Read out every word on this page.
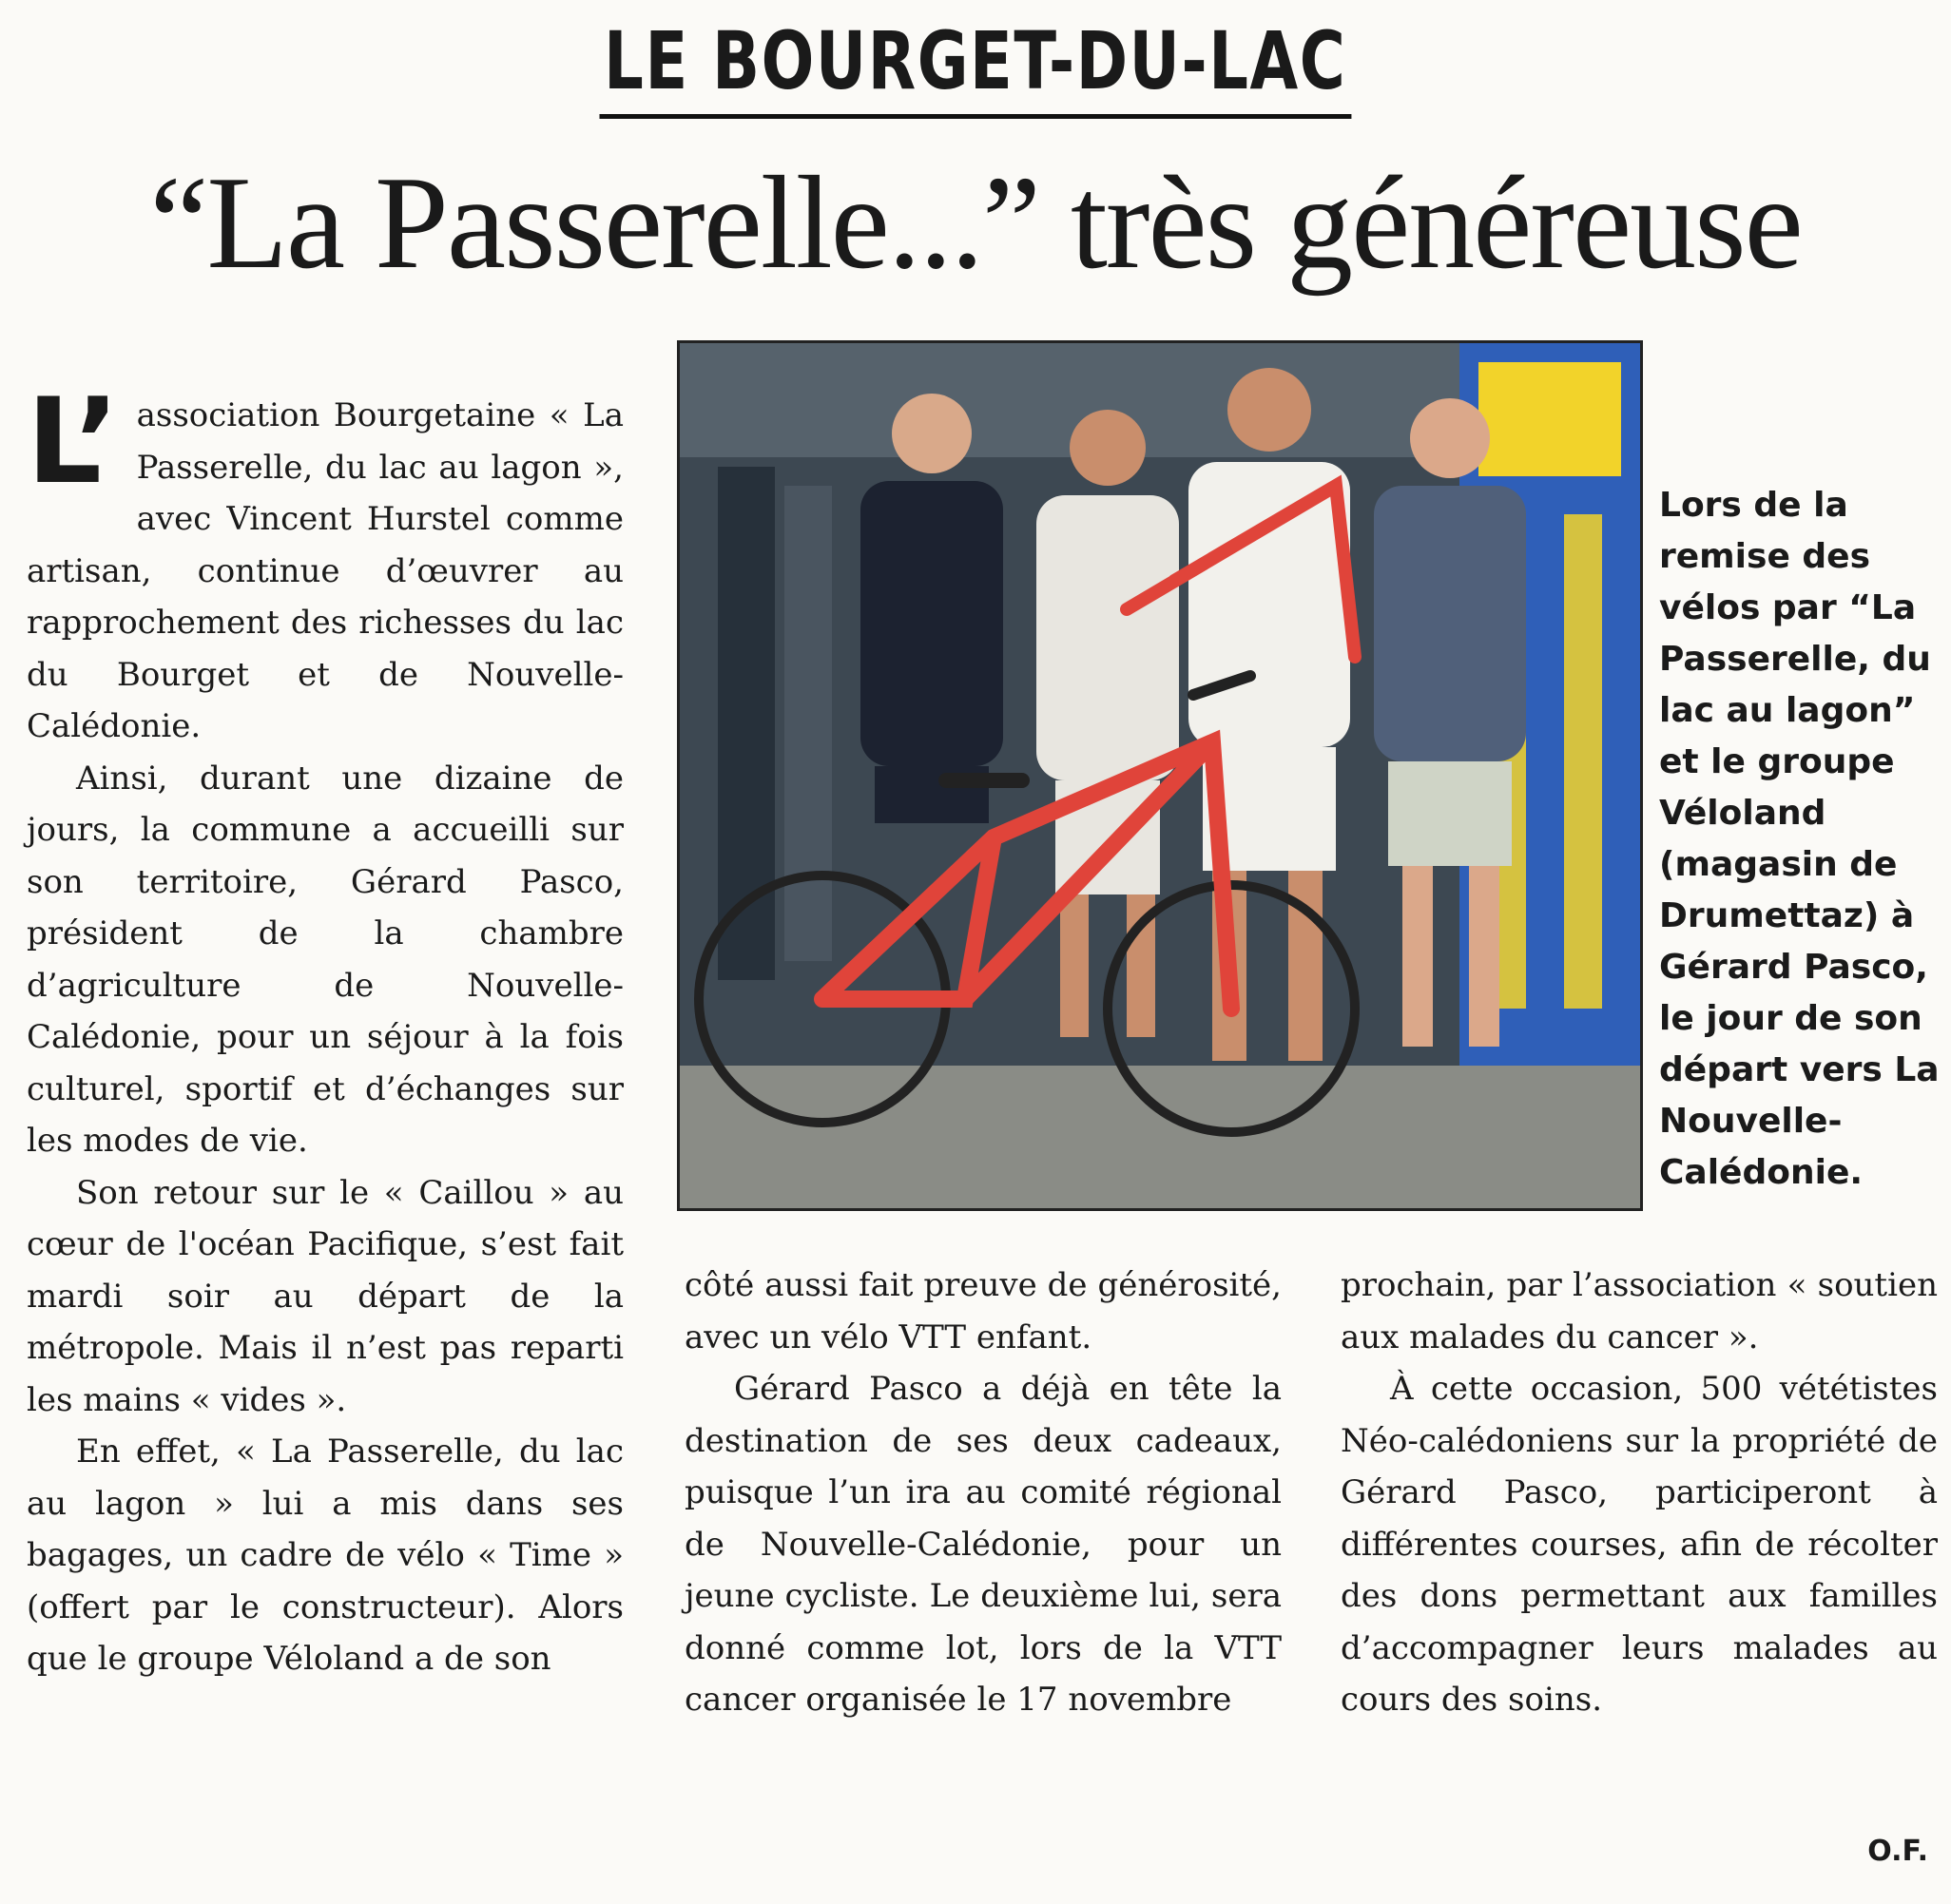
LE BOURGET-DU-LAC
“La Passerelle...” très généreuse

L’ association Bourgetaine « La Passerelle, du lac au lagon », avec Vincent Hurstel comme artisan, continue d’œuvrer au rapprochement des richesses du lac du Bourget et de Nouvelle-Calédonie.

Ainsi, durant une dizaine de jours, la commune a accueilli sur son territoire, Gérard Pasco, président de la chambre d’agriculture de Nouvelle-Calédonie, pour un séjour à la fois culturel, sportif et d’échanges sur les modes de vie.

Son retour sur le « Caillou » au cœur de l'océan Pacifique, s’est fait mardi soir au départ de la métropole. Mais il n’est pas reparti les mains « vides ».

En effet, « La Passerelle, du lac au lagon » lui a mis dans ses bagages, un cadre de vélo « Time » (offert par le constructeur). Alors que le groupe Véloland a de son

Lors de la remise des vélos par “La Passerelle, du lac au lagon” et le groupe Véloland (magasin de Drumettaz) à Gérard Pasco, le jour de son départ vers La Nouvelle-Calédonie.

côté aussi fait preuve de générosité, avec un vélo VTT enfant.

Gérard Pasco a déjà en tête la destination de ses deux cadeaux, puisque l’un ira au comité régional de Nouvelle-Calédonie, pour un jeune cycliste. Le deuxième lui, sera donné comme lot, lors de la VTT cancer organisée le 17 novembre

prochain, par l’association « soutien aux malades du cancer ».

À cette occasion, 500 vététistes Néo-calédoniens sur la propriété de Gérard Pasco, participeront à différentes courses, afin de récolter des dons permettant aux familles d’accompagner leurs malades au cours des soins.

O.F.
